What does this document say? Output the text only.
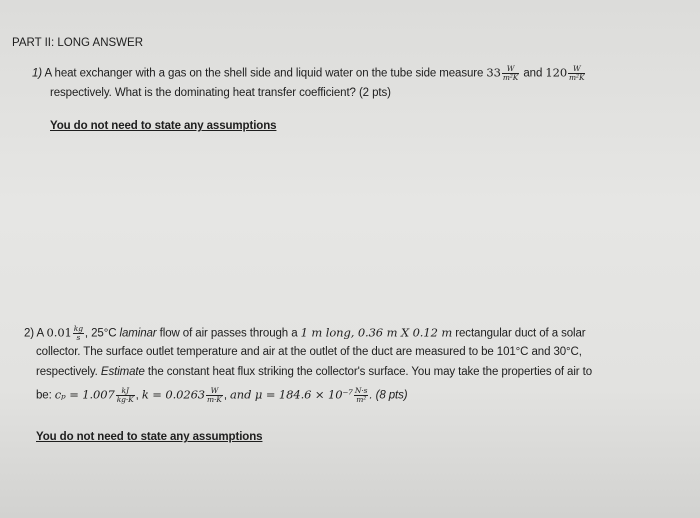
PART II: LONG ANSWER
1) A heat exchanger with a gas on the shell side and liquid water on the tube side measure $33 \frac{W}{\text{m²K}}$ and $120 \frac{W}{\text{m²K}}$
respectively. What is the dominating heat transfer coefficient? (2 pts)
You do not need to state any assumptions
2) A $0.01 \frac{kg}{s}$ , 25°C laminar flow of air passes through a 1 m long, 0.36 m X 0.12 m rectangular duct of a solar
collector. The surface outlet temperature and air at the outlet of the duct are measured to be 101°C and 30°C,
respectively. Estimate the constant heat flux striking the collector's surface. You may take the properties of air to
be: $c_p = 1.007 \frac{kJ}{kg\cdot K}$ , $k = 0.0263 \frac{W}{m\cdot K}$ , and $\mu = 184.6 \times 10^{-7} \frac{N\cdot s}{\text{m²}}$ . (8 pts)
You do not need to state any assumptions
